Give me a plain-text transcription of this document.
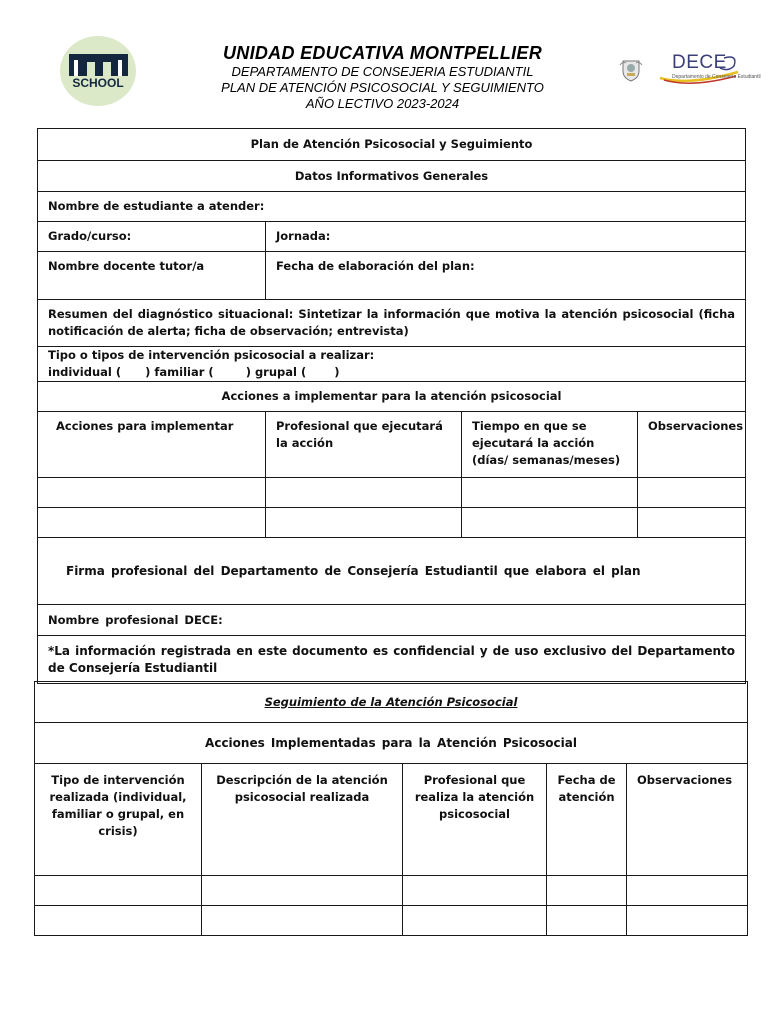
SCHOOL
UNIDAD EDUCATIVA MONTPELLIER
DEPARTAMENTO DE CONSEJERIA ESTUDIANTIL
PLAN DE ATENCIÓN PSICOSOCIAL Y SEGUIMIENTO
AÑO LECTIVO 2023-2024
DECE
Departamento de Consejería Estudiantil
Plan de Atención Psicosocial y Seguimiento			
Datos Informativos Generales			
Nombre de estudiante a atender:			
Grado/curso:	Jornada:		
Nombre docente tutor/a	Fecha de elaboración del plan:		
Resumen del diagnóstico situacional: Sintetizar la información que motiva la atención psicosocial (ficha notificación de alerta; ficha de observación; entrevista)			
Tipo o tipos de intervención psicosocial a realizar:individual (      ) familiar (        ) grupal (       )			
Acciones a implementar para la atención psicosocial			
Acciones para implementar	Profesional que ejecutará la acción	Tiempo en que se ejecutará la acción (días/ semanas/meses)	Observaciones

Firma profesional del Departamento de Consejería Estudiantil que elabora el plan			
Nombre profesional DECE:			
*La información registrada en este documento es confidencial y de uso exclusivo del Departamento de Consejería Estudiantil			
Seguimiento de la Atención Psicosocial				
Acciones Implementadas para la Atención Psicosocial				
Tipo de intervención realizada (individual, familiar o grupal, en crisis)	Descripción de la atención psicosocial realizada	Profesional que realiza la atención psicosocial	Fecha de atención	Observaciones
